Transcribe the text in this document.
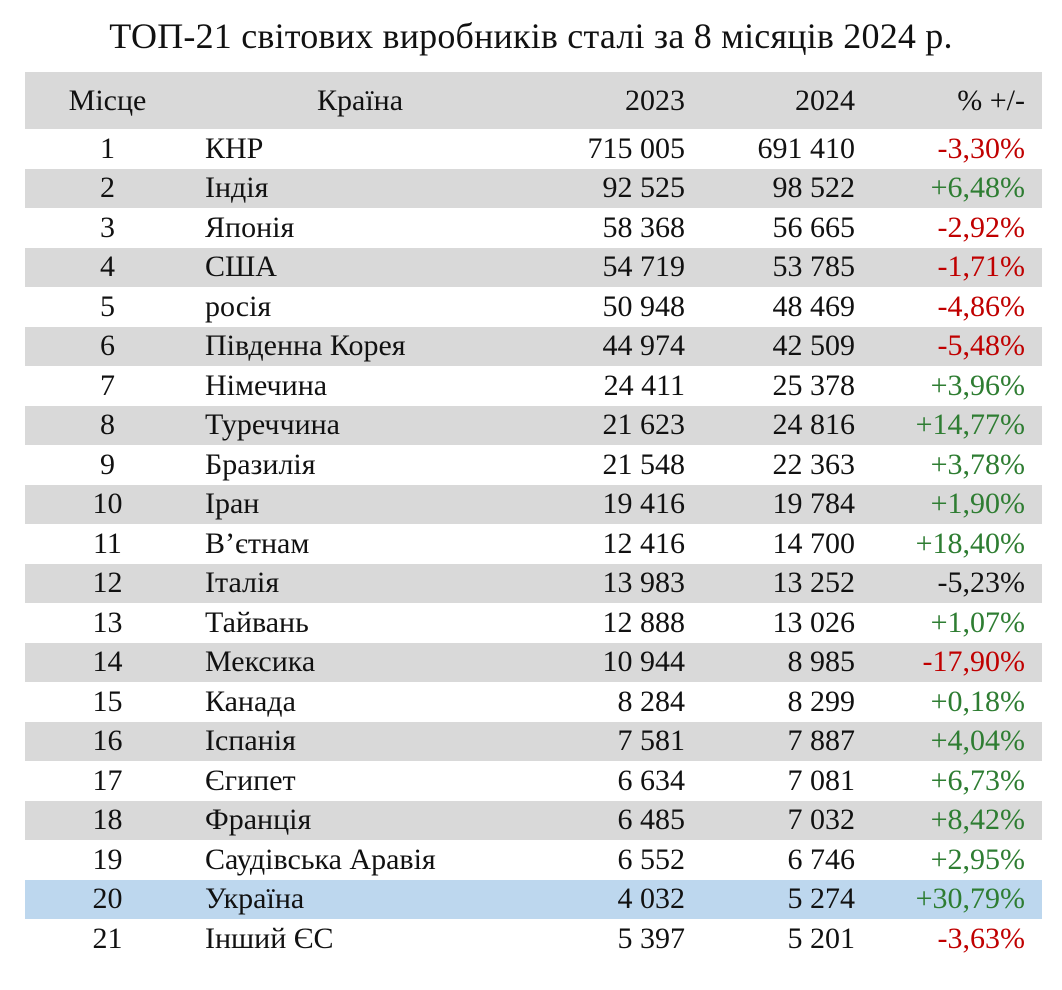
ТОП-21 світових виробників сталі за 8 місяців 2024 р.
Місце	Країна	2023	2024	% +/-
1	КНР	715 005	691 410	-3,30%
2	Індія	92 525	98 522	+6,48%
3	Японія	58 368	56 665	-2,92%
4	США	54 719	53 785	-1,71%
5	росія	50 948	48 469	-4,86%
6	Південна Корея	44 974	42 509	-5,48%
7	Німечина	24 411	25 378	+3,96%
8	Туреччина	21 623	24 816	+14,77%
9	Бразилія	21 548	22 363	+3,78%
10	Іран	19 416	19 784	+1,90%
11	В’єтнам	12 416	14 700	+18,40%
12	Італія	13 983	13 252	-5,23%
13	Тайвань	12 888	13 026	+1,07%
14	Мексика	10 944	8 985	-17,90%
15	Канада	8 284	8 299	+0,18%
16	Іспанія	7 581	7 887	+4,04%
17	Єгипет	6 634	7 081	+6,73%
18	Франція	6 485	7 032	+8,42%
19	Саудівська Аравія	6 552	6 746	+2,95%
20	Україна	4 032	5 274	+30,79%
21	Інший ЄС	5 397	5 201	-3,63%
